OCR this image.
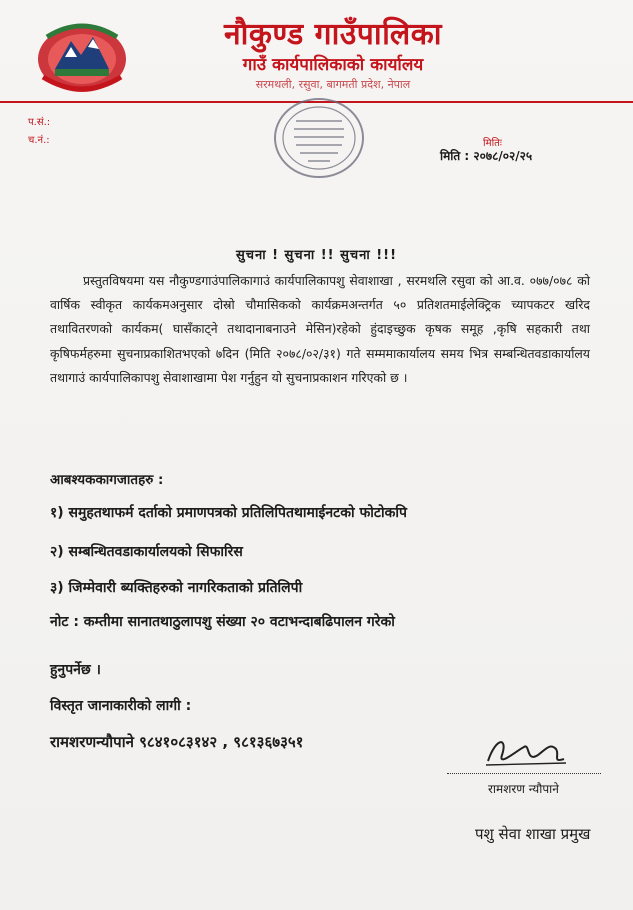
नौकुण्ड गाउँपालिका
गाउँ कार्यपालिकाको कार्यालय
सरमथली, रसुवा, बागमती प्रदेश, नेपाल
प.सं.:
च.नं.:	मितिः
मिति : २०७८/०२/२५
सुचना ! सुचना !! सुचना !!!
प्रस्तुतविषयमा यस नौकुण्डगाउंपालिकागाउं कार्यपालिकापशु सेवाशाखा , सरमथलि रसुवा को आ.व. ०७७/०७८ को वार्षिक स्वीकृत कार्यकमअनुसार दोस्रो चौमासिकको कार्यक्रमअन्तर्गत ५० प्रतिशतमाईलेक्ट्रिक च्यापकटर खरिद तथावितरणको कार्यकम( घासँकाट्ने तथादानाबनाउने मेसिन)रहेको हुंदाइच्छुक कृषक समूह ,कृषि सहकारी तथा कृषिफर्महरुमा सुचनाप्रकाशितभएको ७दिन (मिति २०७८/०२/३१) गते सम्ममाकार्यालय समय भित्र सम्बन्धितवडाकार्यालय तथागाउं कार्यपालिकापशु सेवाशाखामा पेश गर्नुहुन यो सुचनाप्रकाशन गरिएको छ ।
आबश्यककागजातहरु :
१) समुहतथाफर्म दर्ताको प्रमाणपत्रको प्रतिलिपितथामाईनटको फोटोकपि
२) सम्बन्धितवडाकार्यालयको सिफारिस
३) जिम्मेवारी ब्यक्तिहरुको नागरिकताको प्रतिलिपी
नोट : कम्तीमा सानातथाठुलापशु संख्या २० वटाभन्दाबढिपालन गरेको
हुनुपर्नेछ ।
विस्तृत जानाकारीको लागी :
रामशरणन्यौपाने ९८४१०८३१४२ , ९८१३६७३५१
रामशरण न्यौपाने
पशु सेवा शाखा प्रमुख
